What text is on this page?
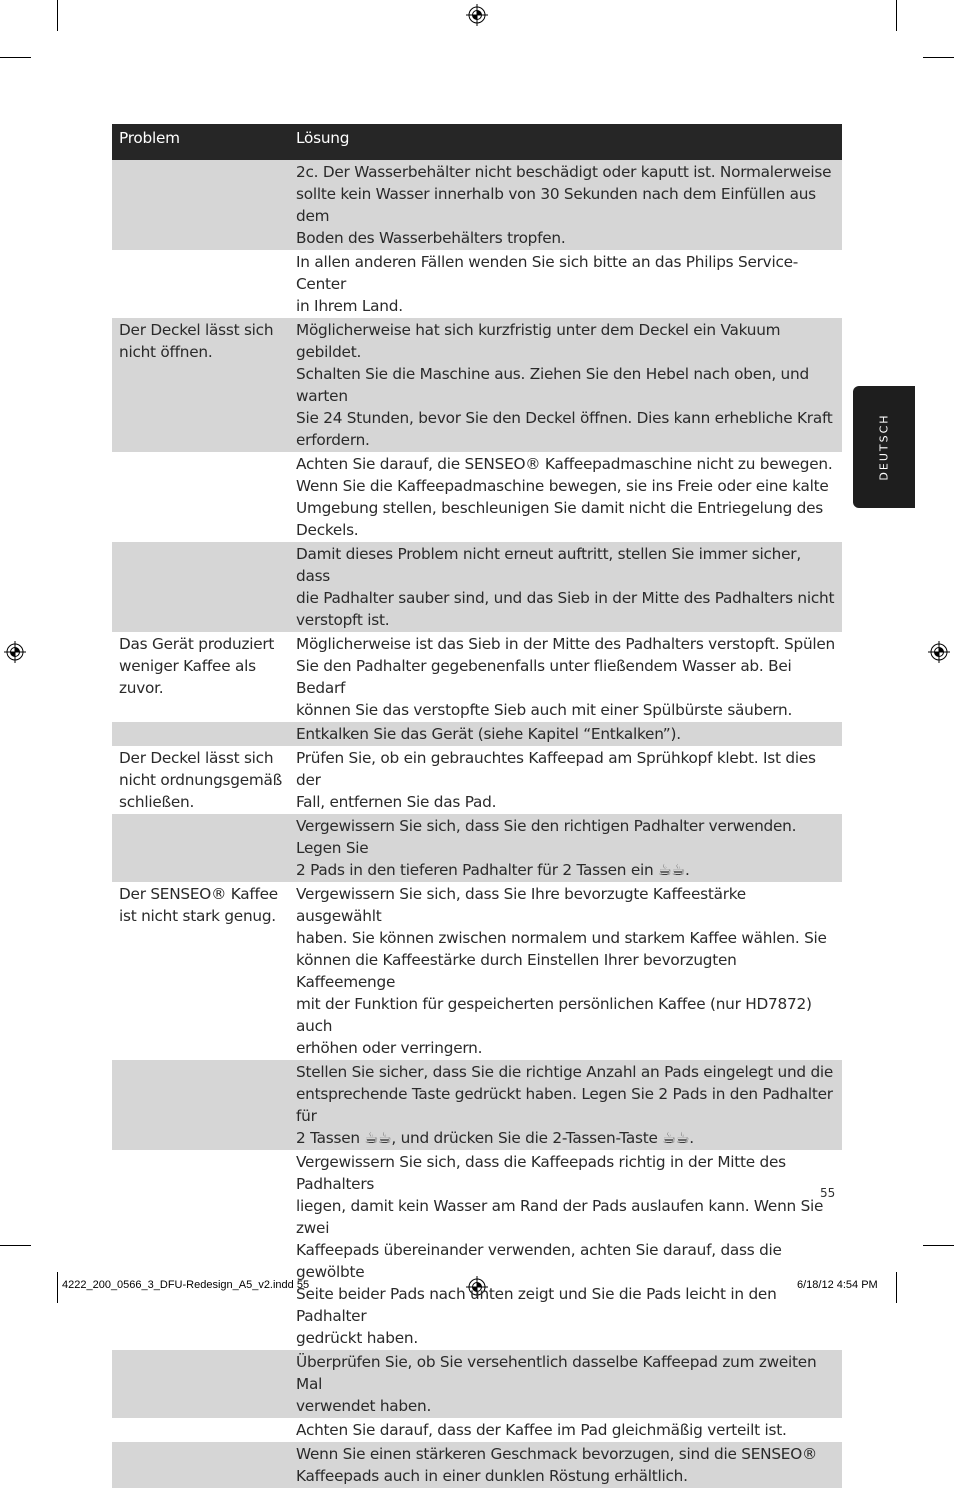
Problem	Lösung
2c. Der Wasserbehälter nicht beschädigt oder kaputt ist. Normalerweise
sollte kein Wasser innerhalb von 30 Sekunden nach dem Einfüllen aus dem
Boden des Wasserbehälters tropfen.
In allen anderen Fällen wenden Sie sich bitte an das Philips Service-Center
in Ihrem Land.
Der Deckel lässt sich
nicht öffnen.
Möglicherweise hat sich kurzfristig unter dem Deckel ein Vakuum gebildet.
Schalten Sie die Maschine aus. Ziehen Sie den Hebel nach oben, und warten
Sie 24 Stunden, bevor Sie den Deckel öffnen. Dies kann erhebliche Kraft
erfordern.
Achten Sie darauf, die SENSEO® Kaffeepadmaschine nicht zu bewegen.
Wenn Sie die Kaffeepadmaschine bewegen, sie ins Freie oder eine kalte
Umgebung stellen, beschleunigen Sie damit nicht die Entriegelung des
Deckels.
Damit dieses Problem nicht erneut auftritt, stellen Sie immer sicher, dass
die Padhalter sauber sind, und das Sieb in der Mitte des Padhalters nicht
verstopft ist.
Das Gerät produziert
weniger Kaffee als
zuvor.
Möglicherweise ist das Sieb in der Mitte des Padhalters verstopft. Spülen
Sie den Padhalter gegebenenfalls unter fließendem Wasser ab. Bei Bedarf
können Sie das verstopfte Sieb auch mit einer Spülbürste säubern.
Entkalken Sie das Gerät (siehe Kapitel “Entkalken”).
Der Deckel lässt sich
nicht ordnungsgemäß
schließen.
Prüfen Sie, ob ein gebrauchtes Kaffeepad am Sprühkopf klebt. Ist dies der
Fall, entfernen Sie das Pad.
Vergewissern Sie sich, dass Sie den richtigen Padhalter verwenden. Legen Sie
2 Pads in den tieferen Padhalter für 2 Tassen ein ☕☕.
Der SENSEO® Kaffee
ist nicht stark genug.
Vergewissern Sie sich, dass Sie Ihre bevorzugte Kaffeestärke ausgewählt
haben. Sie können zwischen normalem und starkem Kaffee wählen. Sie
können die Kaffeestärke durch Einstellen Ihrer bevorzugten Kaffeemenge
mit der Funktion für gespeicherten persönlichen Kaffee (nur HD7872) auch
erhöhen oder verringern.
Stellen Sie sicher, dass Sie die richtige Anzahl an Pads eingelegt und die
entsprechende Taste gedrückt haben. Legen Sie 2 Pads in den Padhalter für
2 Tassen ☕☕, und drücken Sie die 2-Tassen-Taste ☕☕.
Vergewissern Sie sich, dass die Kaffeepads richtig in der Mitte des Padhalters
liegen, damit kein Wasser am Rand der Pads auslaufen kann. Wenn Sie zwei
Kaffeepads übereinander verwenden, achten Sie darauf, dass die gewölbte
Seite beider Pads nach unten zeigt und Sie die Pads leicht in den Padhalter
gedrückt haben.
Überprüfen Sie, ob Sie versehentlich dasselbe Kaffeepad zum zweiten Mal
verwendet haben.
Achten Sie darauf, dass der Kaffee im Pad gleichmäßig verteilt ist.
Wenn Sie einen stärkeren Geschmack bevorzugen, sind die SENSEO®
Kaffeepads auch in einer dunklen Röstung erhältlich.
DEUTSCH
55
4222_200_0566_3_DFU-Redesign_A5_v2.indd 55	6/18/12 4:54 PM
